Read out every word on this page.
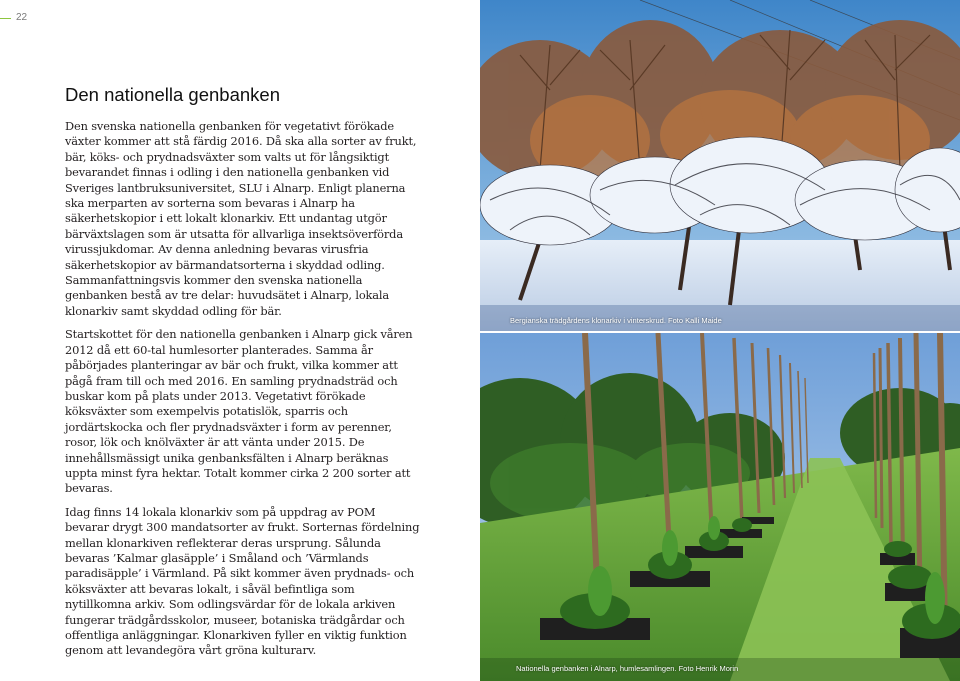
22
Den nationella genbanken

Den svenska nationella genbanken för vegetativt förökade växter kommer att stå färdig 2016. Då ska alla sorter av frukt, bär, köks- och prydnadsväxter som valts ut för långsiktigt bevarandet finnas i odling i den nationella genbanken vid Sveriges lantbruksuniversitet, SLU i Alnarp. Enligt planerna ska merparten av sorterna som bevaras i Alnarp ha säkerhetskopior i ett lokalt klonarkiv. Ett undantag utgör bärväxtslagen som är utsatta för allvarliga insektsöverförda virussjukdomar. Av denna anledning bevaras virusfria säkerhetskopior av bärmandatsorterna i skyddad odling. Sammanfattningsvis kommer den svenska nationella genbanken bestå av tre delar: huvudsätet i Alnarp, lokala klonarkiv samt skyddad odling för bär.

Startskottet för den nationella genbanken i Alnarp gick våren 2012 då ett 60-tal humlesorter planterades. Samma år påbörjades planteringar av bär och frukt, vilka kommer att pågå fram till och med 2016. En samling prydnadsträd och buskar kom på plats under 2013. Vegetativt förökade köksväxter som exempelvis potatislök, sparris och jordärtskocka och fler prydnadsväxter i form av perenner, rosor, lök och knölväxter är att vänta under 2015. De innehållsmässigt unika genbanksfälten i Alnarp beräknas uppta minst fyra hektar. Totalt kommer cirka 2 200 sorter att bevaras.

Idag finns 14 lokala klonarkiv som på uppdrag av POM bevarar drygt 300 mandatsorter av frukt. Sorternas fördelning mellan klonarkiven reflekterar deras ursprung. Sålunda bevaras ’Kalmar glasäpple’ i Småland och ’Värmlands paradisäpple’ i Värmland. På sikt kommer även prydnads- och köksväxter att bevaras lokalt, i såväl befintliga som nytillkomna arkiv. Som odlingsvärdar för de lokala arkiven fungerar trädgårdsskolor, museer, botaniska trädgårdar och offentliga anläggningar. Klonarkiven fyller en viktig funktion genom att levandegöra vårt gröna kulturarv.

Bergianska trädgårdens klonarkiv i vinterskrud. Foto Kalli Maide
Nationella genbanken i Alnarp, humlesamlingen. Foto Henrik Morin
